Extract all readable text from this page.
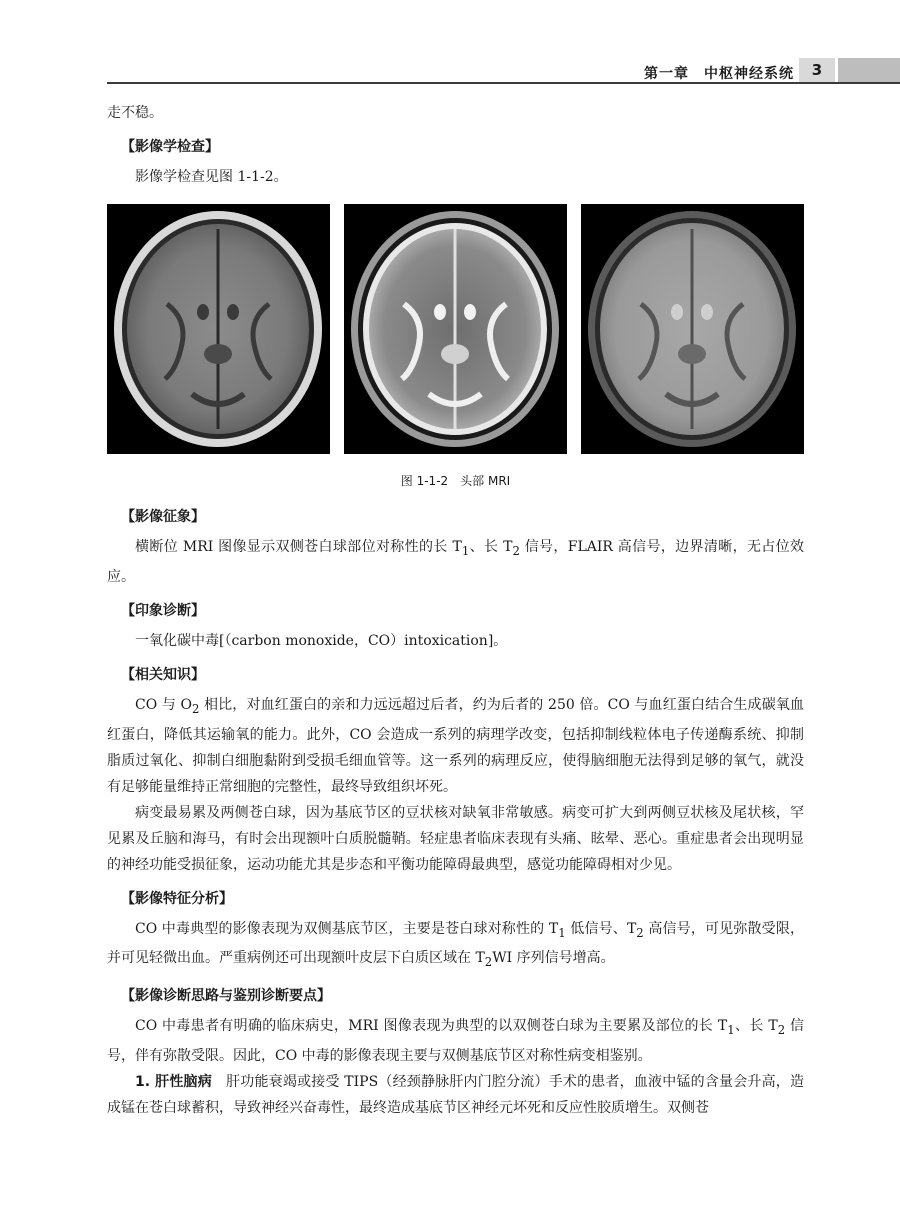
第一章　中枢神经系统	3

走不稳。

【影像学检查】

影像学检查见图 1-1-2。

图 1-1-2　头部 MRI
【影像征象】

横断位 MRI 图像显示双侧苍白球部位对称性的长 $T_1$、长 $T_2$ 信号，FLAIR 高信号，边界清晰，无占位效应。

【印象诊断】

一氧化碳中毒[（carbon monoxide，CO）intoxication]。

【相关知识】

CO 与 $O_2$ 相比，对血红蛋白的亲和力远远超过后者，约为后者的 250 倍。CO 与血红蛋白结合生成碳氧血红蛋白，降低其运输氧的能力。此外，CO 会造成一系列的病理学改变，包括抑制线粒体电子传递酶系统、抑制脂质过氧化、抑制白细胞黏附到受损毛细血管等。这一系列的病理反应，使得脑细胞无法得到足够的氧气，就没有足够能量维持正常细胞的完整性，最终导致组织坏死。

病变最易累及两侧苍白球，因为基底节区的豆状核对缺氧非常敏感。病变可扩大到两侧豆状核及尾状核，罕见累及丘脑和海马，有时会出现额叶白质脱髓鞘。轻症患者临床表现有头痛、眩晕、恶心。重症患者会出现明显的神经功能受损征象，运动功能尤其是步态和平衡功能障碍最典型，感觉功能障碍相对少见。

【影像特征分析】

CO 中毒典型的影像表现为双侧基底节区，主要是苍白球对称性的 $T_1$ 低信号、$T_2$ 高信号，可见弥散受限，并可见轻微出血。严重病例还可出现额叶皮层下白质区域在 $T_2WI$ 序列信号增高。

【影像诊断思路与鉴别诊断要点】

CO 中毒患者有明确的临床病史，MRI 图像表现为典型的以双侧苍白球为主要累及部位的长 $T_1$、长 $T_2$ 信号，伴有弥散受限。因此，CO 中毒的影像表现主要与双侧基底节区对称性病变相鉴别。

1. 肝性脑病　肝功能衰竭或接受 TIPS（经颈静脉肝内门腔分流）手术的患者，血液中锰的含量会升高，造成锰在苍白球蓄积，导致神经兴奋毒性，最终造成基底节区神经元坏死和反应性胶质增生。双侧苍
